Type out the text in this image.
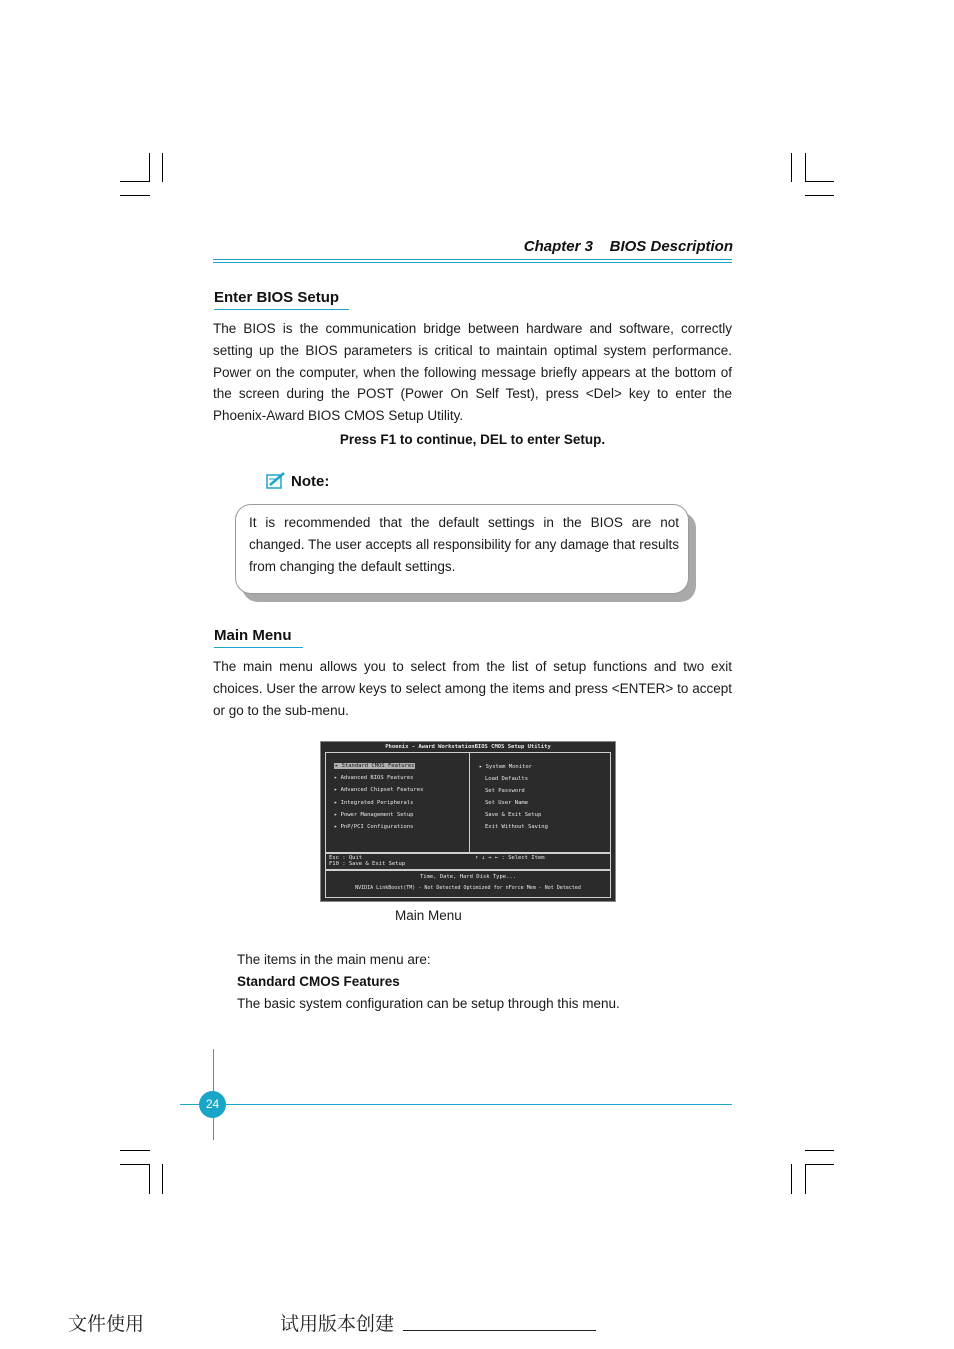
Chapter 3 BIOS Description
Enter BIOS Setup
The BIOS is the communication bridge between hardware and software, correctly setting up the BIOS parameters is critical to maintain optimal system performance. Power on the computer, when the following message briefly appears at the bottom of the screen during the POST (Power On Self Test), press <Del> key to enter the Phoenix-Award BIOS CMOS Setup Utility.
Press F1 to continue, DEL to enter Setup.
Note:
It is recommended that the default settings in the BIOS are not changed. The user accepts all responsibility for any damage that results from changing the default settings.
Main Menu
The main menu allows you to select from the list of setup functions and two exit choices. User the arrow keys to select among the items and press <ENTER> to accept or go to the sub-menu.
Phoenix - Award WorkstationBIOS CMOS Setup Utility
▸ Standard CMOS Features
▸ Advanced BIOS Features
▸ Advanced Chipset Features
▸ Integrated Peripherals
▸ Power Management Setup
▸ PnP/PCI Configurations
▸ System Monitor
Load Defaults
Set Password
Set User Name
Save & Exit Setup
Exit Without Saving
Esc : Quit
F10 : Save & Exit Setup
↑ ↓ → ← : Select Item
Time, Date, Hard Disk Type...
NVIDIA LinkBoost(TM) - Not Detected Optimized for nForce Mem - Not Detected
Main Menu
The items in the main menu are:
Standard CMOS Features
The basic system configuration can be setup through this menu.
24
文件使用	试用版本创建
